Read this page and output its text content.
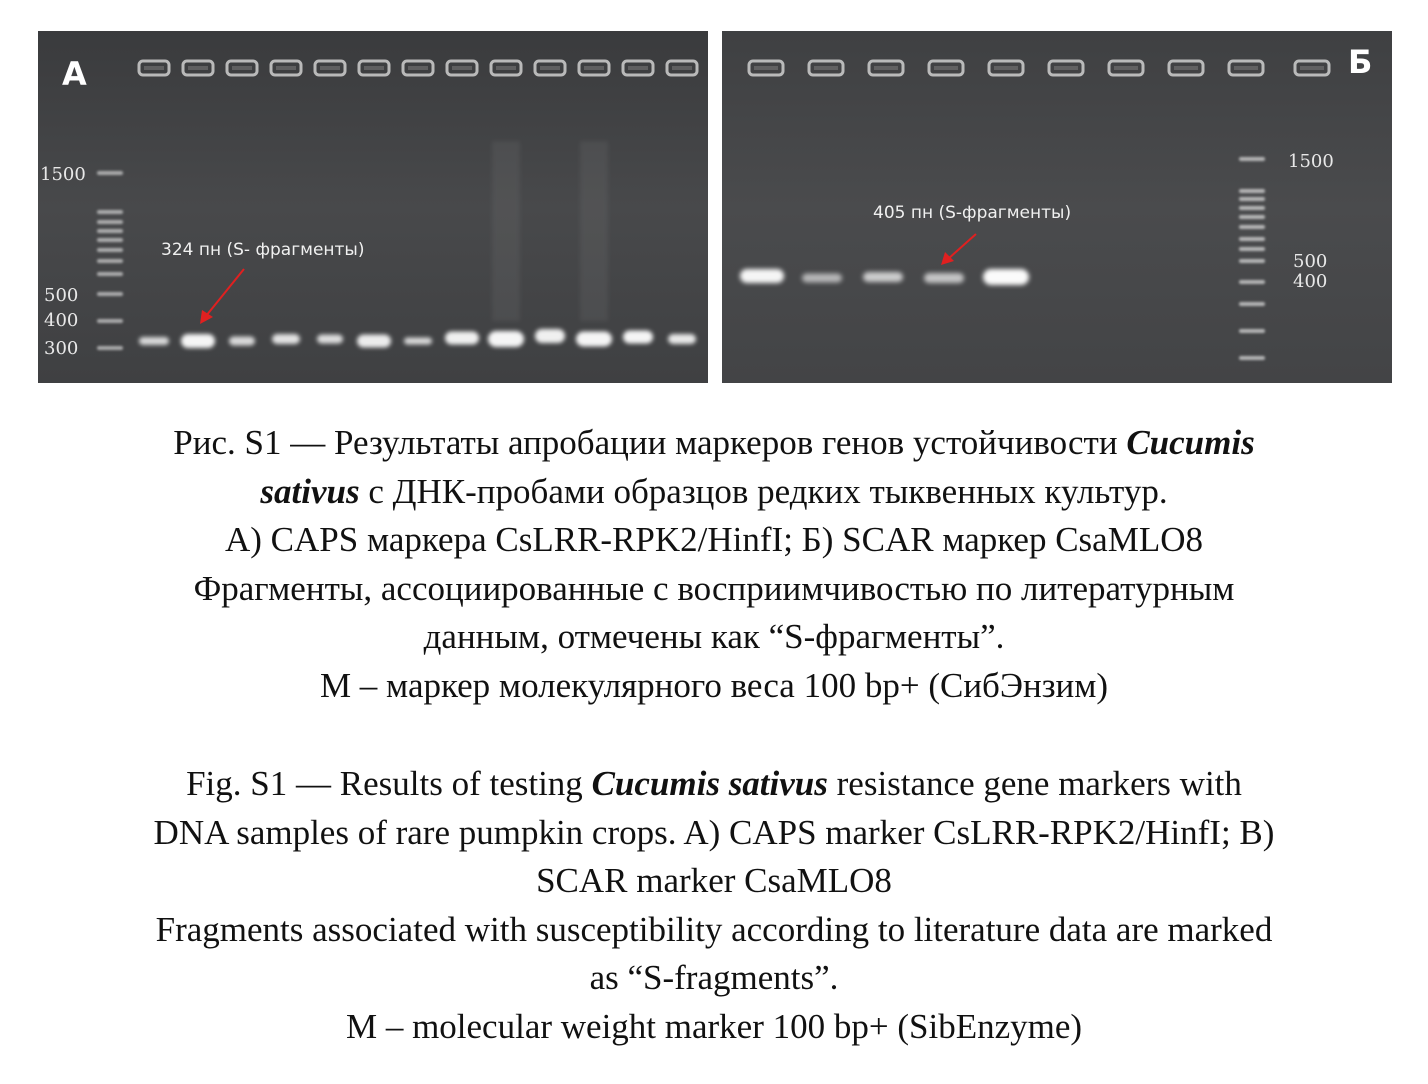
А
1500
500
400
300
324 пн (S- фрагменты)
Б
1500
500
400
405 пн (S-фрагменты)
Рис. S1 — Результаты апробации маркеров генов устойчивости Cucumis
sativus с ДНК-пробами образцов редких тыквенных культур.
А) CAPS маркера CsLRR-RPK2/HinfI; Б) SCAR маркер CsaMLO8
Фрагменты, ассоциированные с восприимчивостью по литературным
данным, отмечены как “S-фрагменты”.
М – маркер молекулярного веса 100 bp+ (СибЭнзим)
Fig. S1 — Results of testing Cucumis sativus resistance gene markers with
DNA samples of rare pumpkin crops. A) CAPS marker CsLRR-RPK2/HinfI; B)
SCAR marker CsaMLO8
Fragments associated with susceptibility according to literature data are marked
as “S-fragments”.
M – molecular weight marker 100 bp+ (SibEnzyme)
